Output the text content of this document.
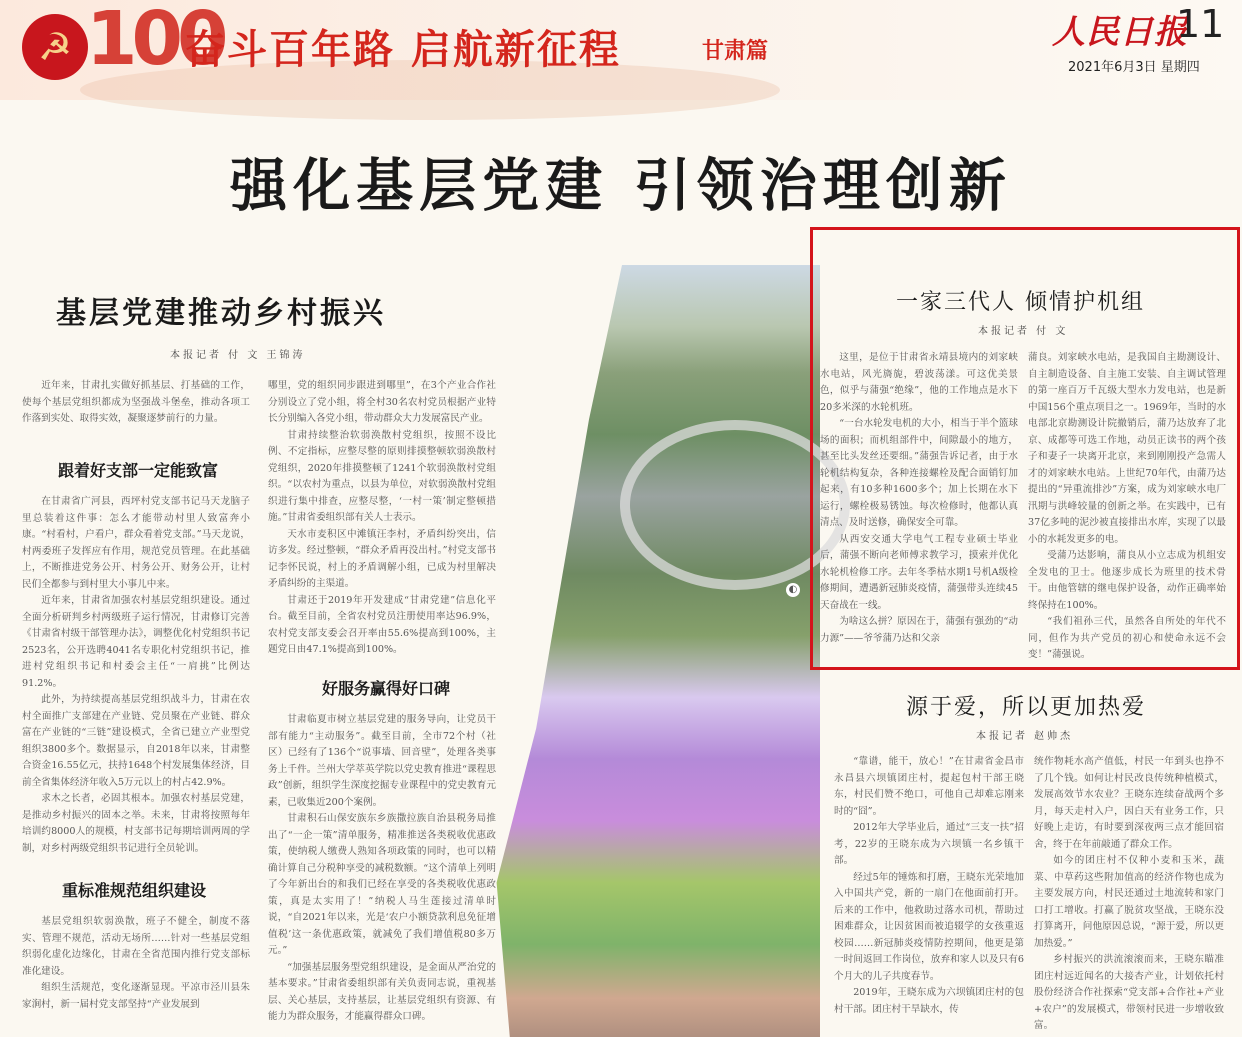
☭ 100
奋斗百年路 启航新征程	甘肃篇
人民日报
11
2021年6月3日 星期四
强化基层党建 引领治理创新
◐
基层党建推动乡村振兴
本报记者 付 文 王锦涛

近年来，甘肃扎实做好抓基层、打基础的工作，使每个基层党组织都成为坚强战斗堡垒，推动各项工作落到实处、取得实效，凝聚逐梦前行的力量。

跟着好支部一定能致富

在甘肃省广河县，西坪村党支部书记马天龙脑子里总装着这件事：怎么才能带动村里人致富奔小康。“村看村，户看户，群众看着党支部。”马天龙说，村两委班子发挥应有作用，规范党员管理。在此基础上，不断推进党务公开、村务公开、财务公开，让村民们全都参与到村里大小事儿中来。

近年来，甘肃省加强农村基层党组织建设。通过全面分析研判乡村两级班子运行情况，甘肃修订完善《甘肃省村级干部管理办法》，调整优化村党组织书记2523名，公开选聘4041名专职化村党组织书记，推进村党组织书记和村委会主任“一肩挑”比例达91.2%。

此外，为持续提高基层党组织战斗力，甘肃在农村全面推广支部建在产业链、党员聚在产业链、群众富在产业链的“三链”建设模式，全省已建立产业型党组织3800多个。数据显示，自2018年以来，甘肃整合资金16.55亿元，扶持1648个村发展集体经济，目前全省集体经济年收入5万元以上的村占42.9%。

求木之长者，必固其根本。加强农村基层党建，是推动乡村振兴的固本之举。未来，甘肃将按照每年培训约8000人的规模，村支部书记每期培训两周的学制，对乡村两级党组织书记进行全员轮训。

重标准规范组织建设

基层党组织软弱涣散，班子不健全，制度不落实、管理不规范，活动无场所……针对一些基层党组织弱化虚化边缘化，甘肃在全省范围内推行党支部标准化建设。

组织生活规范，变化逐渐显现。平凉市泾川县朱家涧村，新一届村党支部坚持“产业发展到

哪里，党的组织同步跟进到哪里”，在3个产业合作社分别设立了党小组，将全村30名农村党员根据产业特长分别编入各党小组，带动群众大力发展富民产业。

甘肃持续整治软弱涣散村党组织，按照不设比例、不定指标，应整尽整的原则排摸整顿软弱涣散村党组织，2020年排摸整顿了1241个软弱涣散村党组织。“以农村为重点，以县为单位，对软弱涣散村党组织进行集中排查，应整尽整，‘一村一策’制定整顿措施。”甘肃省委组织部有关人士表示。

天水市麦积区中滩镇汪李村，矛盾纠纷突出，信访多发。经过整顿，“群众矛盾再没出村。”村党支部书记李怀民说，村上的矛盾调解小组，已成为村里解决矛盾纠纷的主渠道。

甘肃还于2019年开发建成“甘肃党建”信息化平台。截至目前，全省农村党员注册使用率达96.9%，农村党支部支委会召开率由55.6%提高到100%，主题党日由47.1%提高到100%。

好服务赢得好口碑

甘肃临夏市树立基层党建的服务导向，让党员干部有能力“主动服务”。截至目前，全市72个村（社区）已经有了136个“说事墙、回音壁”，处理各类事务上千件。兰州大学萃英学院以党史教育推进“课程思政”创新，组织学生深度挖掘专业课程中的党史教育元素，已收集近200个案例。

甘肃积石山保安族东乡族撒拉族自治县税务局推出了“一企一策”清单服务，精准推送各类税收优惠政策，使纳税人缴费人熟知各项政策的同时，也可以精确计算自己分税种享受的减税数额。“这个清单上列明了今年新出台的和我们已经在享受的各类税收优惠政策，真是太实用了！”纳税人马生莲接过清单时说，“自2021年以来，光是‘农户小额贷款利息免征增值税’这一条优惠政策，就减免了我们增值税80多万元。”

“加强基层服务型党组织建设，是金面从严治党的基本要求。”甘肃省委组织部有关负责同志说，重视基层、关心基层，支持基层，让基层党组织有资源、有能力为群众服务，才能赢得群众口碑。

一家三代人 倾情护机组
本报记者 付 文

这里，是位于甘肃省永靖县境内的刘家峡水电站，风光旖旎，碧波荡漾。可这优美景色，似乎与蒲强“绝缘”，他的工作地点是水下20多米深的水轮机班。

“一台水轮发电机的大小，相当于半个篮球场的面积；而机组部件中，间隙最小的地方，甚至比头发丝还要细。”蒲强告诉记者，由于水轮机结构复杂，各种连接螺栓及配合面销钉加起来，有10多种1600多个；加上长期在水下运行，螺栓极易锈蚀。每次检修时，他都认真清点、及时送修，确保安全可靠。

从西安交通大学电气工程专业硕士毕业后，蒲强不断向老师傅求教学习，摸索并优化水轮机检修工序。去年冬季枯水期1号机A级检修期间，遭遇新冠肺炎疫情，蒲强带头连续45天奋战在一线。

为啥这么拼？原因在于，蒲强有强劲的“动力源”——爷爷蒲乃达和父亲

蒲良。刘家峡水电站，是我国自主勘测设计、自主制造设备、自主施工安装、自主调试管理的第一座百万千瓦级大型水力发电站，也是新中国156个重点项目之一。1969年，当时的水电部北京勘测设计院撤销后，蒲乃达放弃了北京、成都等可选工作地，动员正读书的两个孩子和妻子一块离开北京，来到刚刚投产急需人才的刘家峡水电站。上世纪70年代，由蒲乃达提出的“异重流排沙”方案，成为刘家峡水电厂汛期与洪峰较量的创新之举。在实践中，已有37亿多吨的泥沙被直接排出水库，实现了以最小的水耗发更多的电。

受蒲乃达影响，蒲良从小立志成为机组安全发电的卫士。他逐步成长为班里的技术骨干。由他管辖的继电保护设备，动作正确率始终保持在100%。

“我们祖孙三代，虽然各自所处的年代不同，但作为共产党员的初心和使命永远不会变！”蒲强说。

源于爱，所以更加热爱
本报记者 赵帅杰

“靠谱，能干，放心！”在甘肃省金昌市永昌县六坝镇团庄村，提起包村干部王晓东，村民们赞不绝口，可他自己却难忘刚来时的“囧”。

2012年大学毕业后，通过“三支一扶”招考，22岁的王晓东成为六坝镇一名乡镇干部。

经过5年的锤炼和打磨，王晓东光荣地加入中国共产党，新的一扇门在他面前打开。后来的工作中，他救助过落水司机，帮助过困难群众，让因贫困而被追辍学的女孩重返校园……新冠肺炎疫情防控期间，他更是第一时间返回工作岗位，放弃和家人以及只有6个月大的儿子共度春节。

2019年，王晓东成为六坝镇团庄村的包村干部。团庄村干旱缺水，传

统作物耗水高产值低，村民一年到头也挣不了几个钱。如何让村民改良传统种植模式，发展高效节水农业？王晓东连续奋战两个多月，每天走村入户，因白天有业务工作，只好晚上走访，有时要到深夜两三点才能回宿舍，终于在年前敲通了群众工作。

如今的团庄村不仅种小麦和玉米，蔬菜、中草药这些附加值高的经济作物也成为主要发展方向，村民还通过土地流转和家门口打工增收。打赢了脱贫攻坚战，王晓东没打算离开，问他原因总说，“源于爱，所以更加热爱。”

乡村振兴的洪流滚滚而来，王晓东瞄准团庄村远近闻名的大接杏产业，计划依托村股份经济合作社探索“党支部+合作社+产业+农户”的发展模式，带领村民进一步增收致富。
